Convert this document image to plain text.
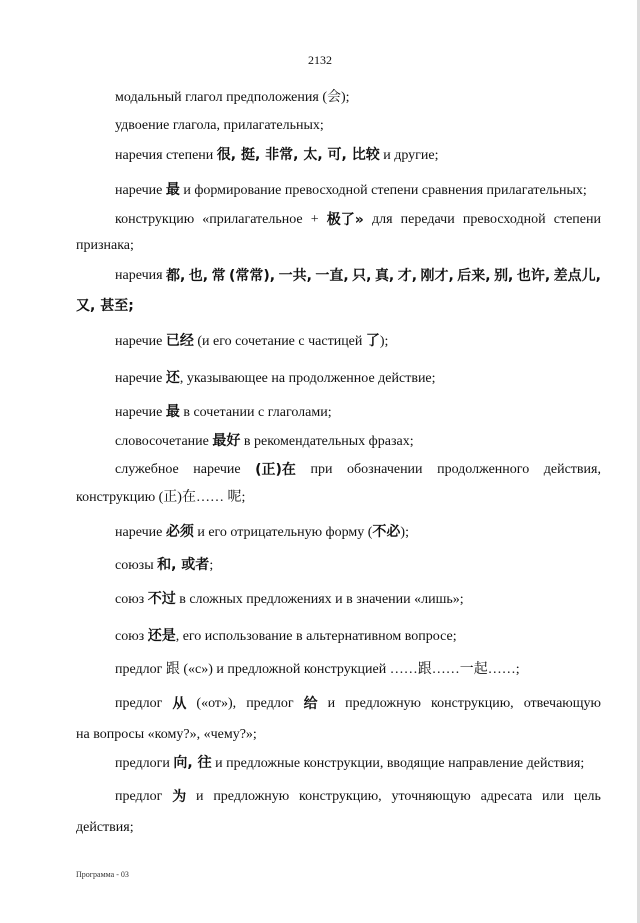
2132
модальный глагол предположения (会);
удвоение глагола, прилагательных;
наречия степени 很, 挺, 非常, 太, 可, 比较 и другие;
наречие 最 и формирование превосходной степени сравнения прилагательных;
конструкцию «прилагательное + 极了» для передачи превосходной степени
признака;
наречия 都, 也, 常 (常常), 一共, 一直, 只, 真, 才, 刚才, 后来, 别, 也许, 差点儿,
又, 甚至;
наречие 已经 (и его сочетание с частицей 了);
наречие 还, указывающее на продолженное действие;
наречие 最 в сочетании с глаголами;
словосочетание 最好 в рекомендательных фразах;
служебное наречие (正)在 при обозначении продолженного действия,
конструкцию (正)在…… 呢;
наречие 必须 и его отрицательную форму (不必);
союзы 和, 或者;
союз 不过 в сложных предложениях и в значении «лишь»;
союз 还是, его использование в альтернативном вопросе;
предлог 跟 («с») и предложной конструкцией ……跟……一起……;
предлог 从 («от»), предлог 给 и предложную конструкцию, отвечающую
на вопросы «кому?», «чему?»;
предлоги 向, 往 и предложные конструкции, вводящие направление действия;
предлог 为 и предложную конструкцию, уточняющую адресата или цель
действия;
Программа - 03
